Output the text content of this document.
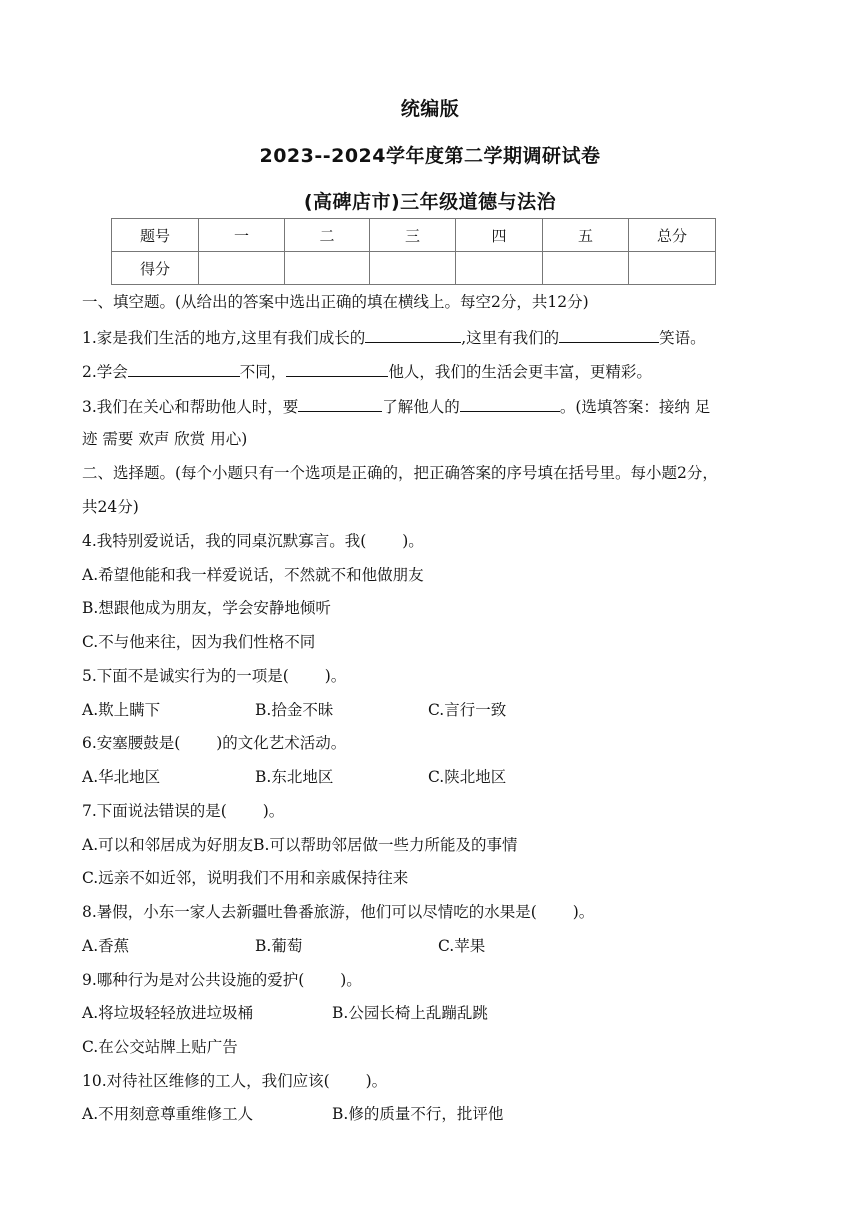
统编版
2023--2024学年度第二学期调研试卷
(高碑店市)三年级道德与法治
题号	一	二	三	四	五	总分
得分						
一、填空题。(从给出的答案中选出正确的填在横线上。每空2分，共12分)
1.家是我们生活的地方,这里有我们成长的	,这里有我们的	笑语。
2.学会	不同，	他人，我们的生活会更丰富，更精彩。
3.我们在关心和帮助他人时，要	了解他人的	。(选填答案：接纳 足
迹 需要 欢声 欣赏 用心)
二、选择题。(每个小题只有一个选项是正确的，把正确答案的序号填在括号里。每小题2分，
共24分)
4.我特别爱说话，我的同桌沉默寡言。我(　　 )。
A.希望他能和我一样爱说话，不然就不和他做朋友
B.想跟他成为朋友，学会安静地倾听
C.不与他来往，因为我们性格不同
5.下面不是诚实行为的一项是(　　 )。
A.欺上瞒下	B.拾金不昧	C.言行一致
6.安塞腰鼓是(　　 )的文化艺术活动。
A.华北地区	B.东北地区	C.陕北地区
7.下面说法错误的是(　　 )。
A.可以和邻居成为好朋友B.可以帮助邻居做一些力所能及的事情
C.远亲不如近邻，说明我们不用和亲戚保持往来
8.暑假，小东一家人去新疆吐鲁番旅游，他们可以尽情吃的水果是(　　 )。
A.香蕉	B.葡萄	C.苹果
9.哪种行为是对公共设施的爱护(　　 )。
A.将垃圾轻轻放进垃圾桶	B.公园长椅上乱蹦乱跳
C.在公交站牌上贴广告
10.对待社区维修的工人，我们应该(　　 )。
A.不用刻意尊重维修工人	B.修的质量不行，批评他
